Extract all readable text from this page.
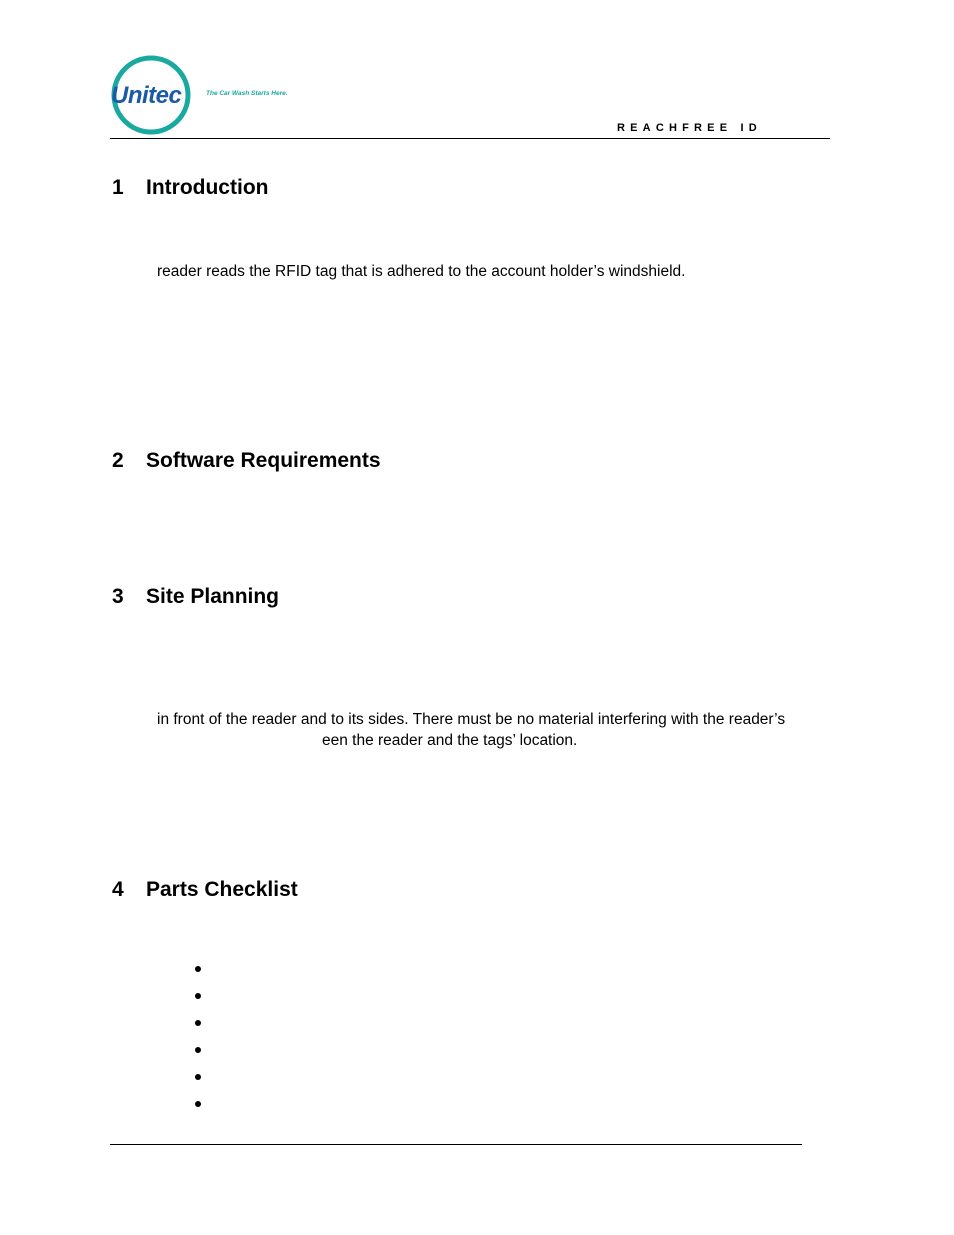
Unitec	The Car Wash Starts Here.
REACHFREE ID
1 Introduction
reader reads the RFID tag that is adhered to the account holder’s windshield.
2 Software Requirements
3 Site Planning
in front of the reader and to its sides. There must be no material interfering with the reader’s
een the reader and the tags’ location.
4 Parts Checklist
